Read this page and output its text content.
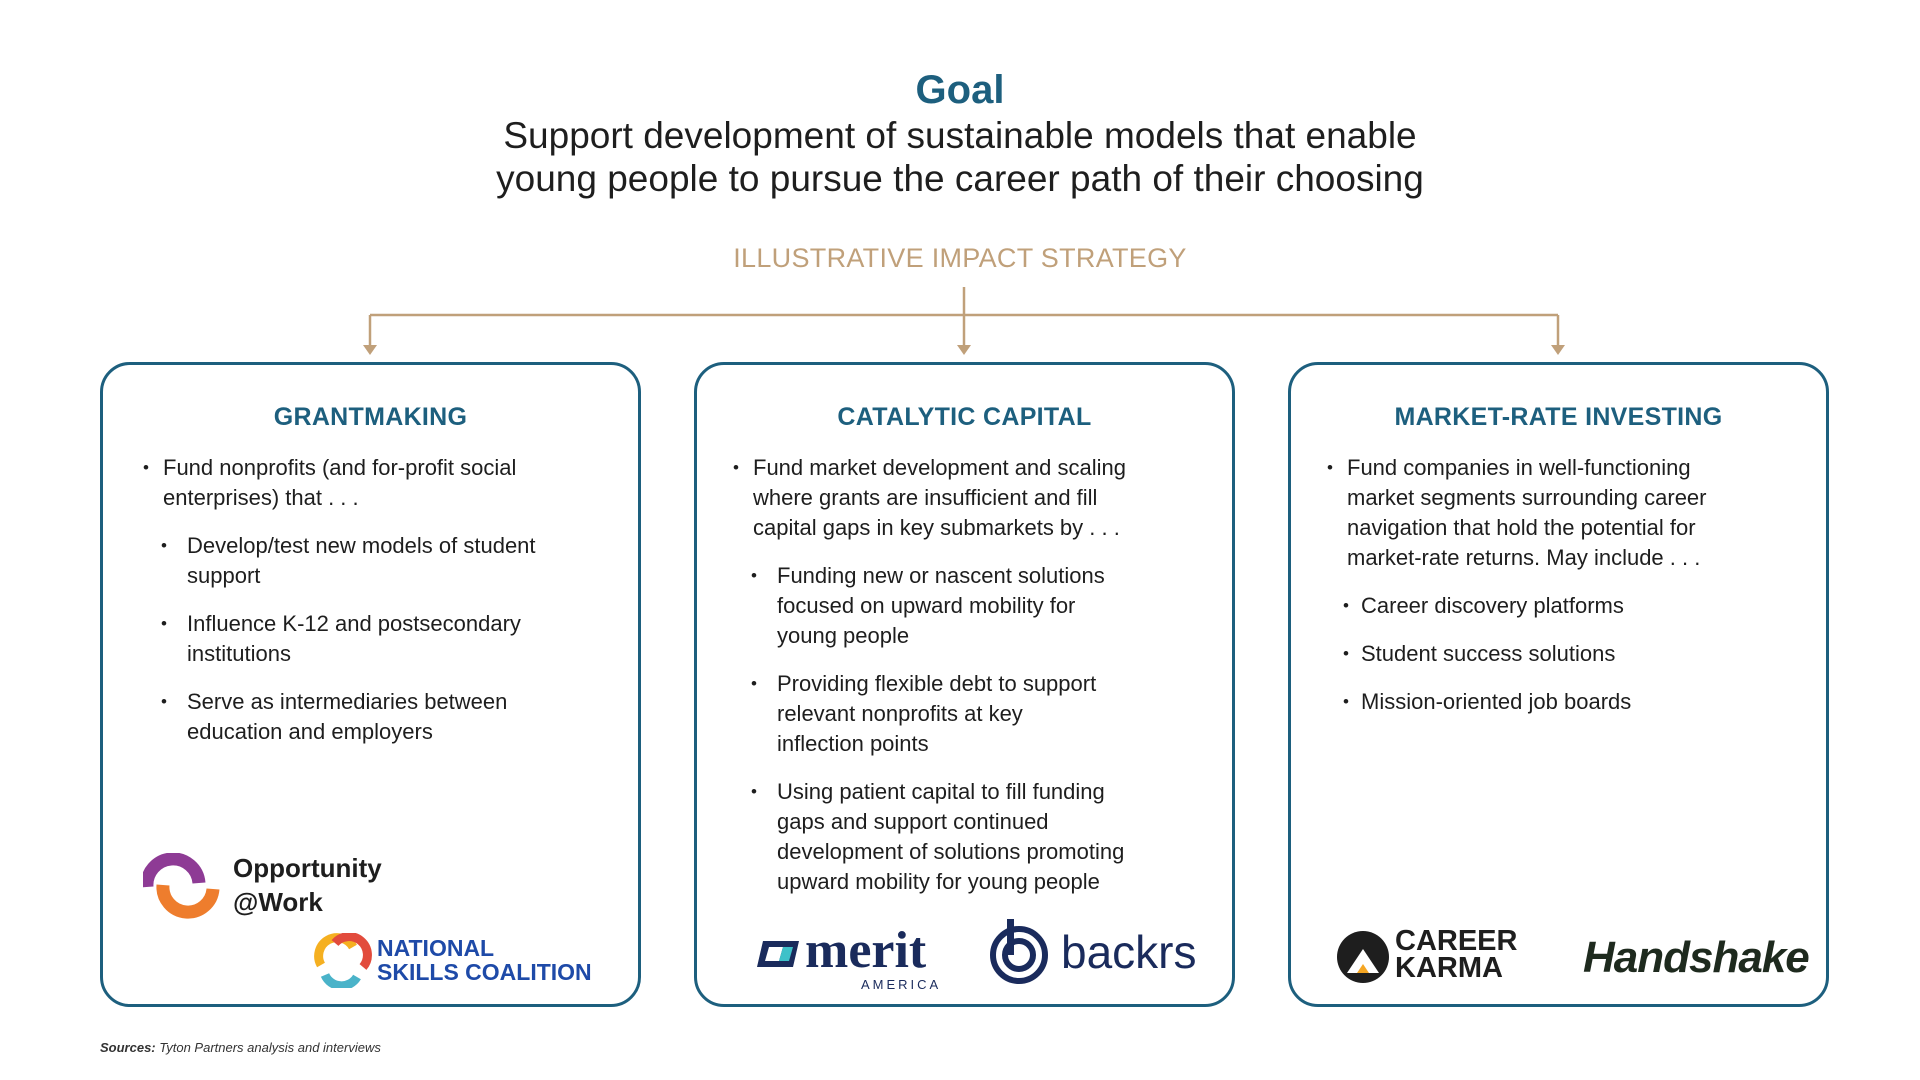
Goal
Support development of sustainable models that enable
young people to pursue the career path of their choosing
ILLUSTRATIVE IMPACT STRATEGY
GRANTMAKING
• Fund nonprofits (and for-profit social
enterprises) that . . .
• Develop/test new models of student
support
• Influence K-12 and postsecondary
institutions
• Serve as intermediaries between
education and employers
Opportunity
@Work
NATIONAL
SKILLS COALITION
CATALYTIC CAPITAL
• Fund market development and scaling
where grants are insufficient and fill
capital gaps in key submarkets by . . .
• Funding new or nascent solutions
focused on upward mobility for
young people
• Providing flexible debt to support
relevant nonprofits at key
inflection points
• Using patient capital to fill funding
gaps and support continued
development of solutions promoting
upward mobility for young people
merit
AMERICA
backrs
MARKET-RATE INVESTING
• Fund companies in well-functioning
market segments surrounding career
navigation that hold the potential for
market-rate returns. May include . . .
• Career discovery platforms
• Student success solutions
• Mission-oriented job boards
CAREER
KARMA Handshake
Sources: Tyton Partners analysis and interviews
